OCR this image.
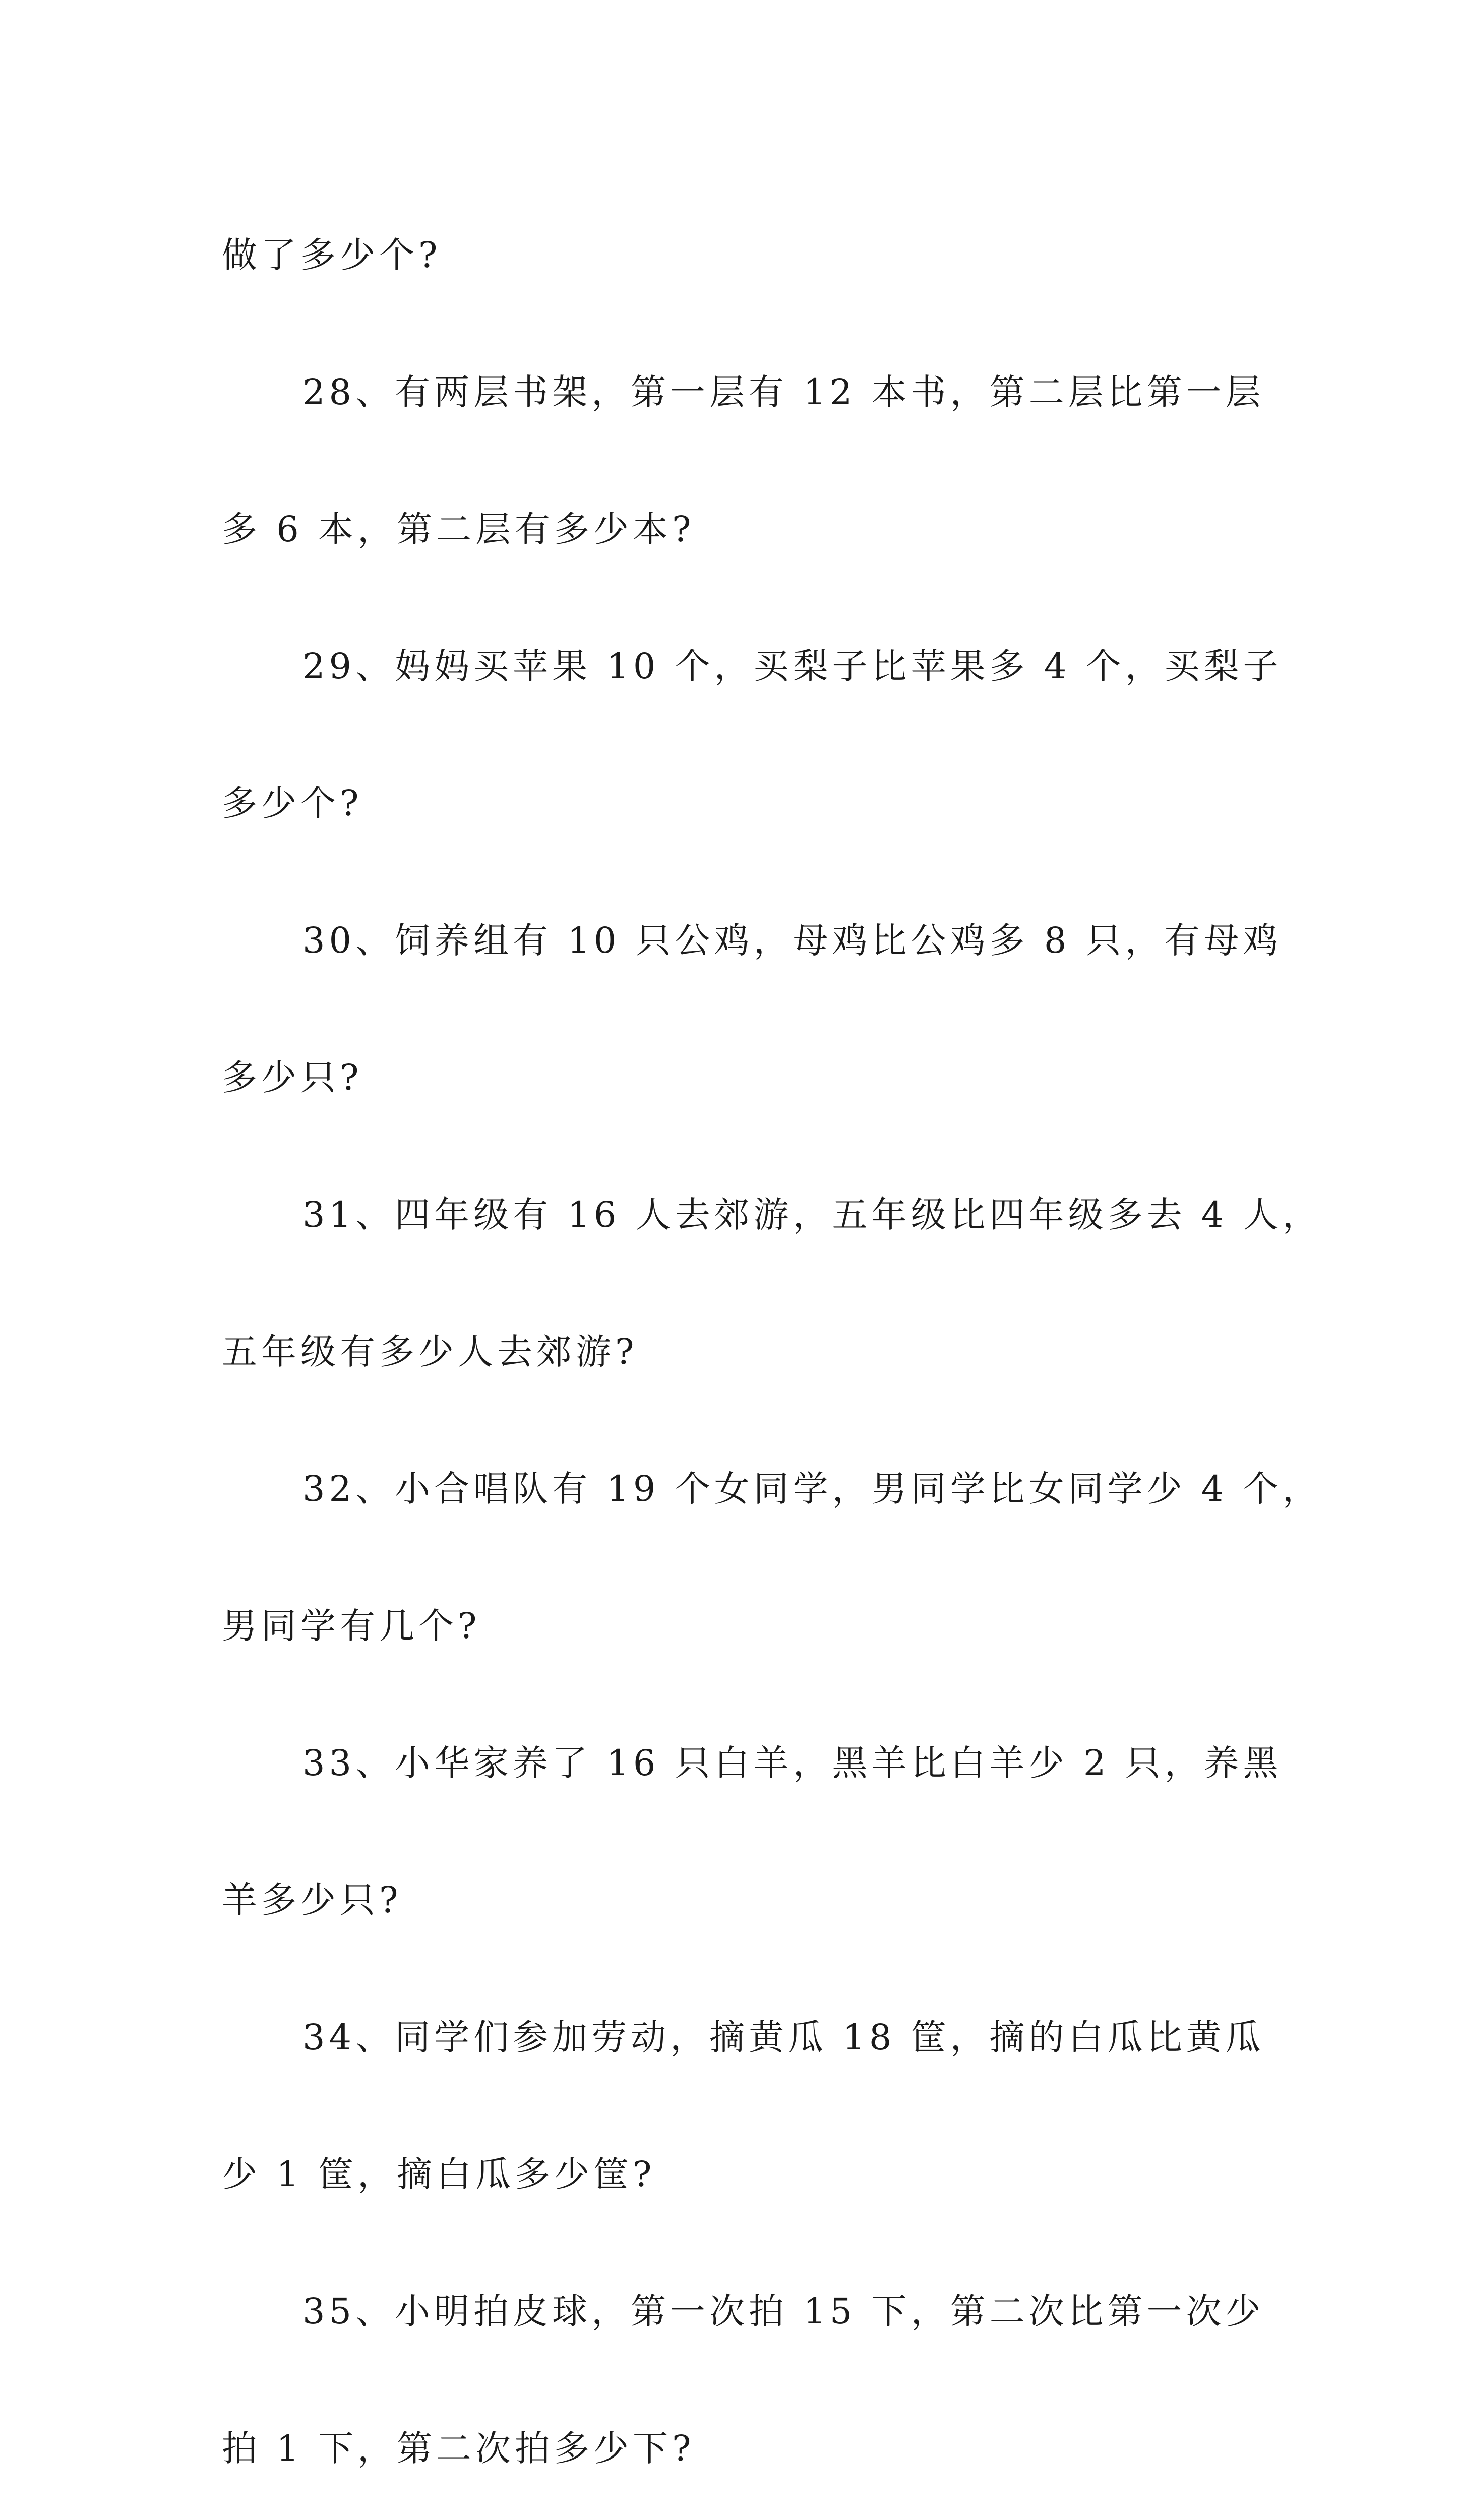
做了多少个?
28、有两层书架，第一层有 12 本书，第二层比第一层
多 6 本，第二层有多少本?
29、妈妈买苹果 10 个，买梨子比苹果多 4 个，买梨子
多少个?
30、饲养组有 10 只公鸡，母鸡比公鸡多 8 只，有母鸡
多少只?
31、四年级有 16 人去郊游，五年级比四年级多去 4 人，
五年级有多少人去郊游?
32、小合唱队有 19 个女同学，男同学比女同学少 4 个，
男同学有几个?
33、小华家养了 16 只白羊，黑羊比白羊少 2 只，养黑
羊多少只?
34、同学们参加劳动，摘黄瓜 18 筐，摘的白瓜比黄瓜
少 1 筐，摘白瓜多少筐?
35、小明拍皮球，第一次拍 15 下，第二次比第一次少
拍 1 下，第二次拍多少下?
